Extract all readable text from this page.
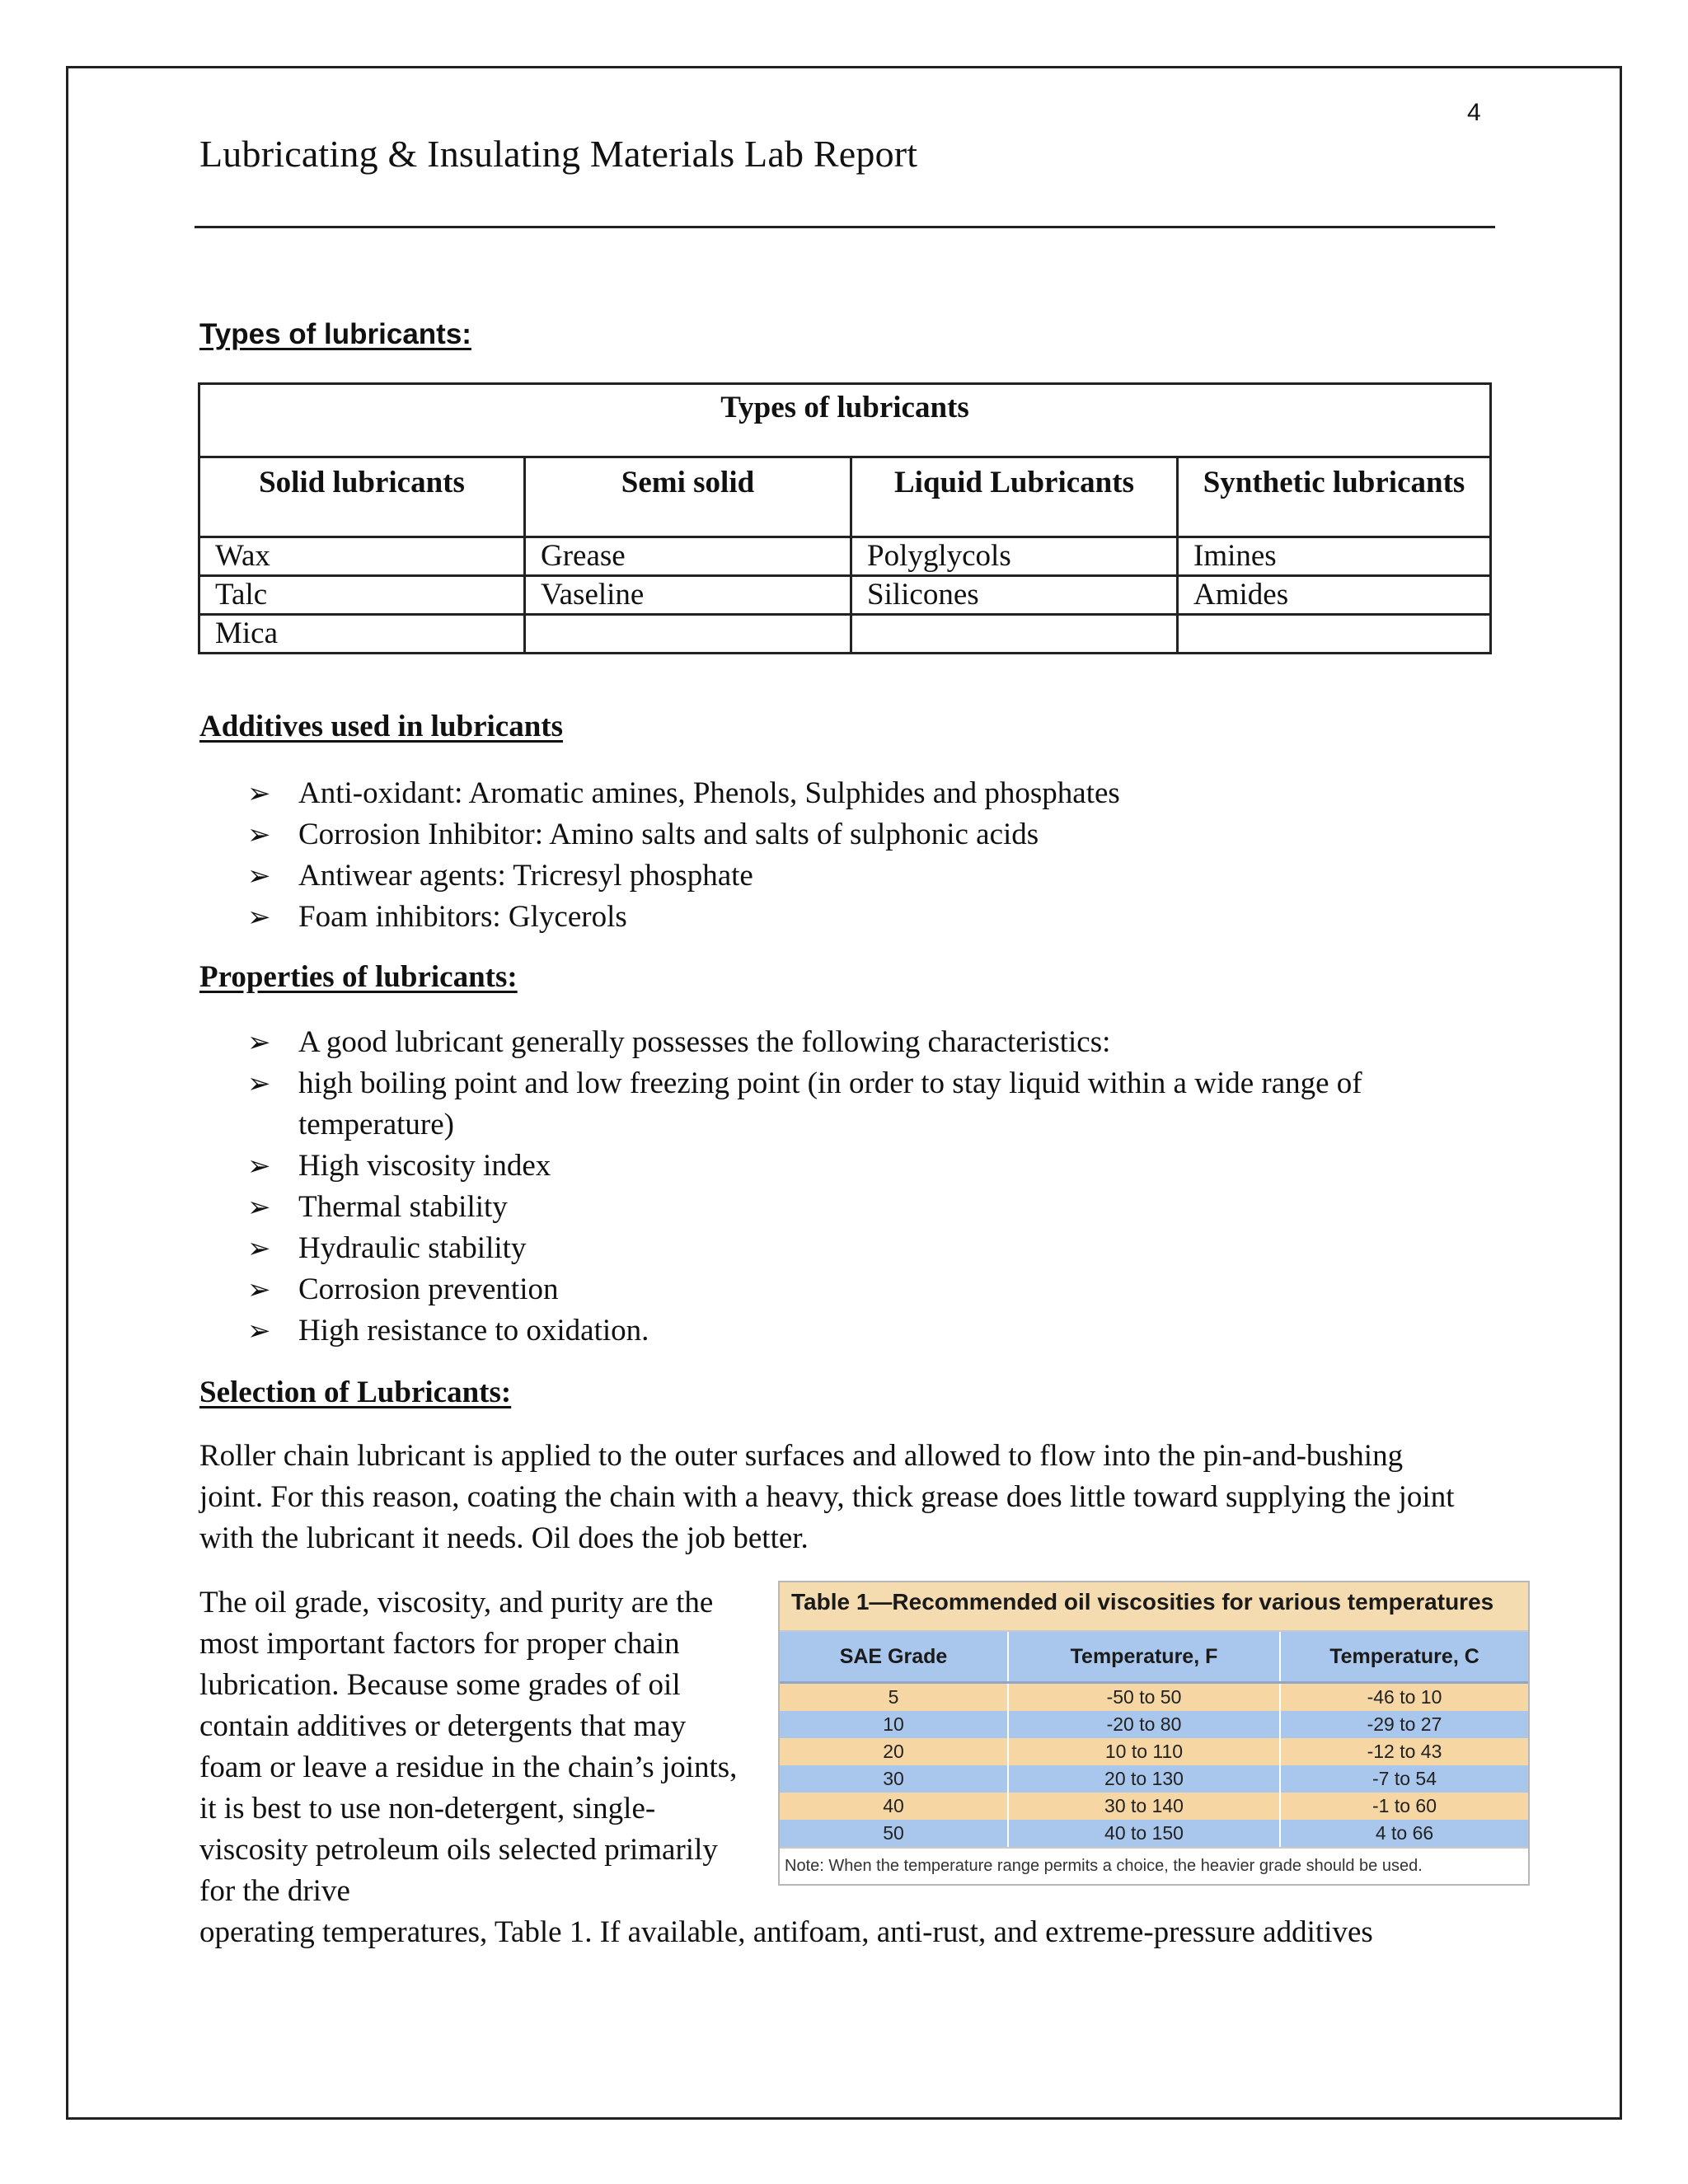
4
Lubricating & Insulating Materials Lab Report
Types of lubricants:
Types of lubricants			
Solid lubricants	Semi solid	Liquid Lubricants	Synthetic lubricants
Wax	Grease	Polyglycols	Imines
Talc	Vaseline	Silicones	Amides
Mica			
Additives used in lubricants
➢ Anti-oxidant: Aromatic amines, Phenols, Sulphides and phosphates
➢ Corrosion Inhibitor: Amino salts and salts of sulphonic acids
➢ Antiwear agents: Tricresyl phosphate
➢ Foam inhibitors: Glycerols
Properties of lubricants:
➢ A good lubricant generally possesses the following characteristics:
➢ high boiling point and low freezing point (in order to stay liquid within a wide range of temperature)
➢ High viscosity index
➢ Thermal stability
➢ Hydraulic stability
➢ Corrosion prevention
➢ High resistance to oxidation.
Selection of Lubricants:
Roller chain lubricant is applied to the outer surfaces and allowed to flow into the pin-and-bushing joint. For this reason, coating the chain with a heavy, thick grease does little toward supplying the joint with the lubricant it needs. Oil does the job better.
The oil grade, viscosity, and purity are the most important factors for proper chain lubrication. Because some grades of oil contain additives or detergents that may foam or leave a residue in the chain’s joints, it is best to use non-detergent, single- viscosity petroleum oils selected primarily for the drive
operating temperatures, Table 1. If available, antifoam, anti-rust, and extreme-pressure additives
Table 1—Recommended oil viscosities for various temperatures
SAE Grade	Temperature, F	Temperature, C
5	-50 to 50	-46 to 10
10	-20 to 80	-29 to 27
20	10 to 110	-12 to 43
30	20 to 130	-7 to 54
40	30 to 140	-1 to 60
50	40 to 150	4 to 66
Note: When the temperature range permits a choice, the heavier grade should be used.
